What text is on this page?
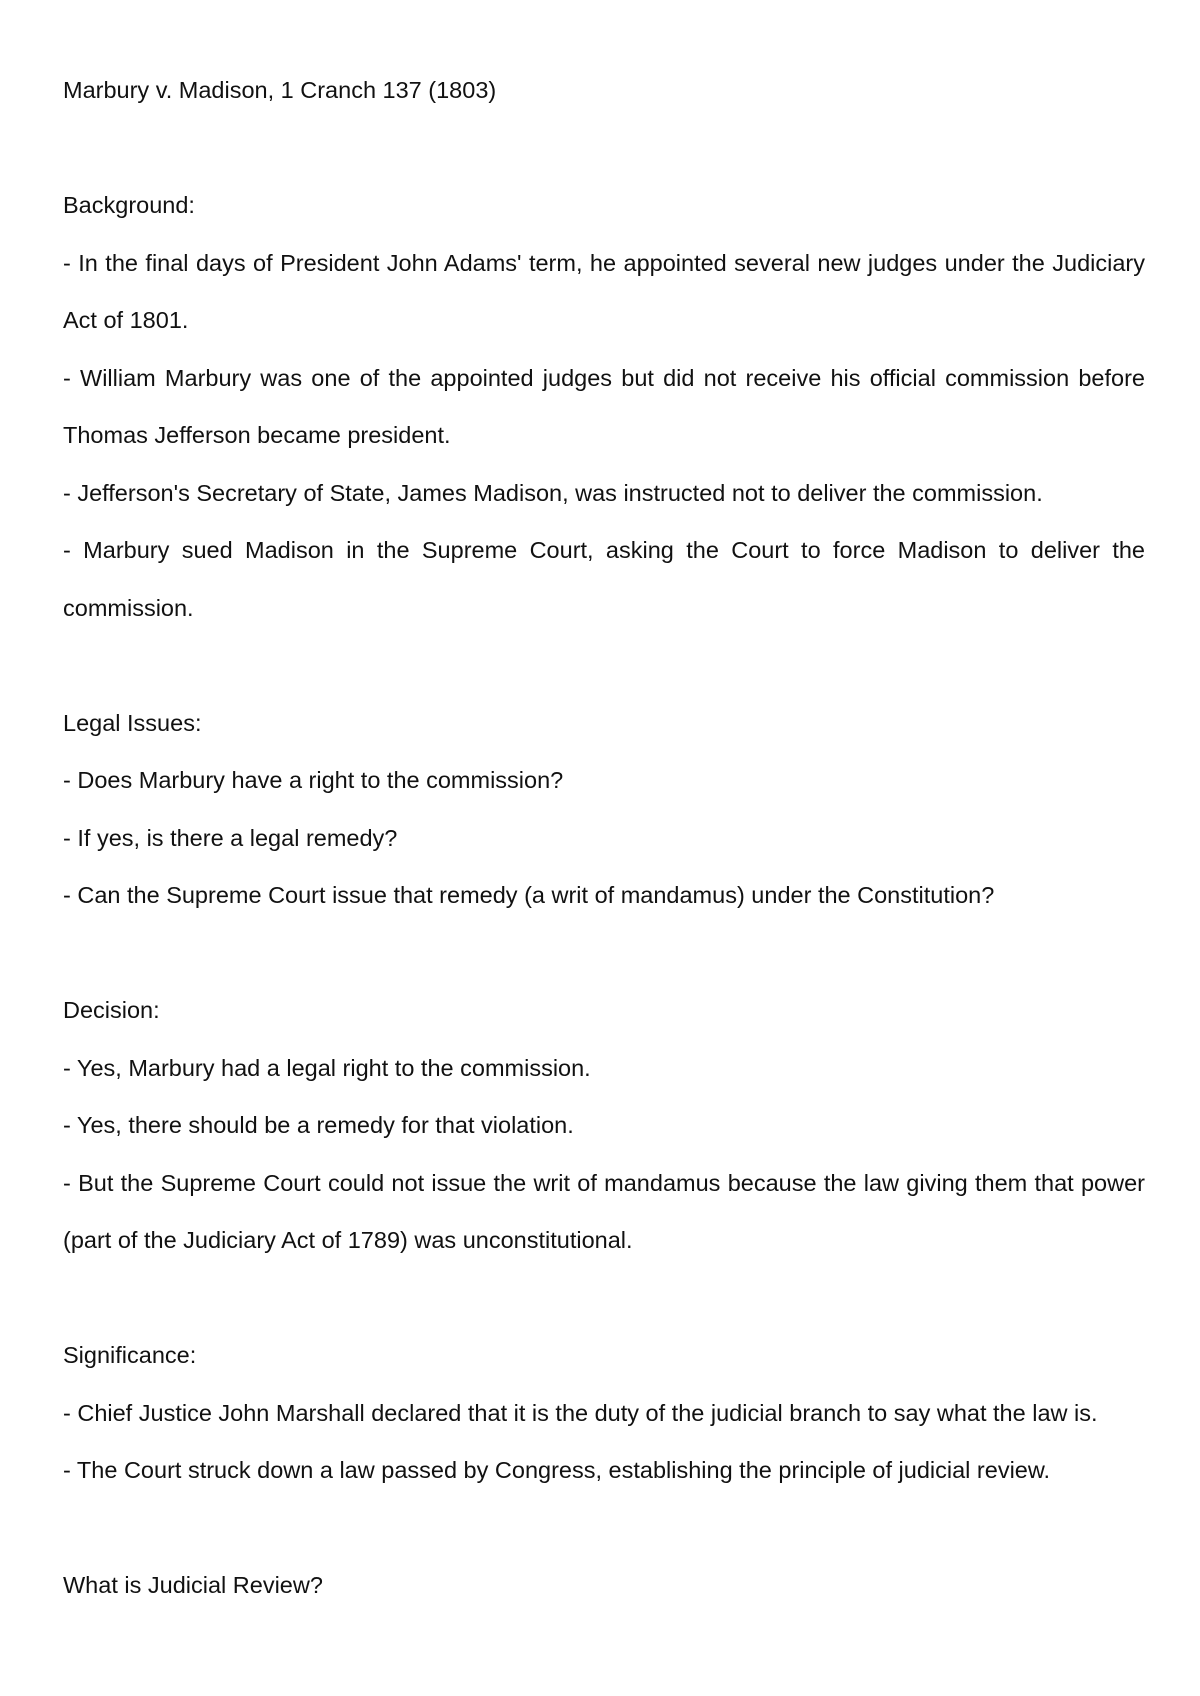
Marbury v. Madison, 1 Cranch 137 (1803)

Background:

- In the final days of President John Adams' term, he appointed several new judges under the Judiciary Act of 1801.

- William Marbury was one of the appointed judges but did not receive his official commission before Thomas Jefferson became president.

- Jefferson's Secretary of State, James Madison, was instructed not to deliver the commission.

- Marbury sued Madison in the Supreme Court, asking the Court to force Madison to deliver the commission.

Legal Issues:

- Does Marbury have a right to the commission?

- If yes, is there a legal remedy?

- Can the Supreme Court issue that remedy (a writ of mandamus) under the Constitution?

Decision:

- Yes, Marbury had a legal right to the commission.

- Yes, there should be a remedy for that violation.

- But the Supreme Court could not issue the writ of mandamus because the law giving them that power (part of the Judiciary Act of 1789) was unconstitutional.

Significance:

- Chief Justice John Marshall declared that it is the duty of the judicial branch to say what the law is.

- The Court struck down a law passed by Congress, establishing the principle of judicial review.

What is Judicial Review?
